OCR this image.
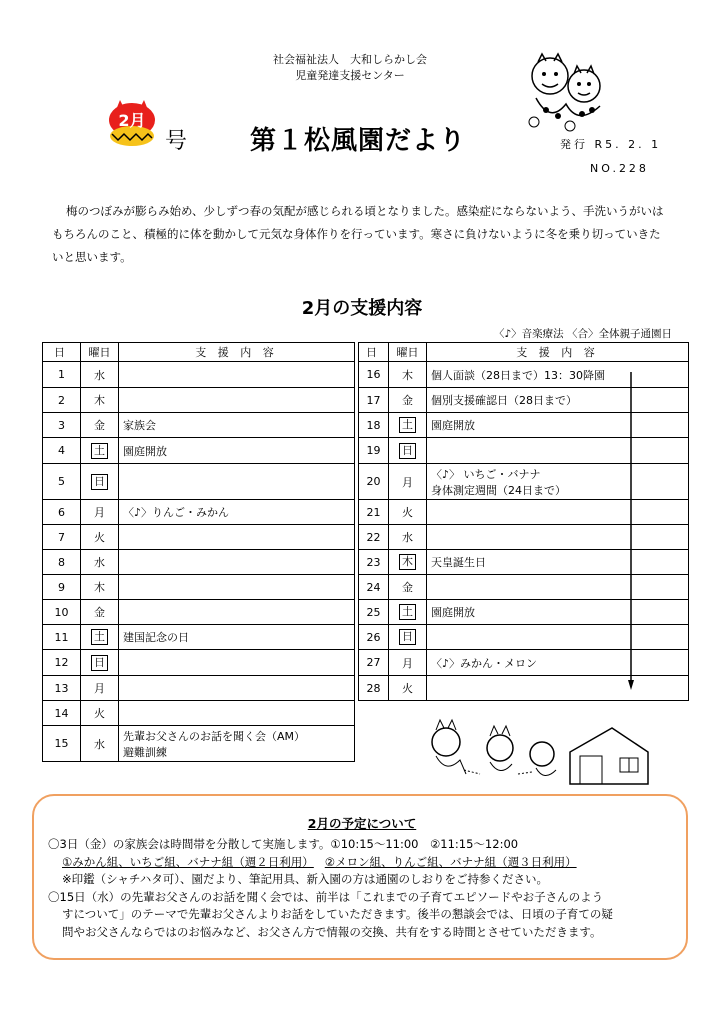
社会福祉法人　大和しらかし会
児童発達支援センター
2月
号 第１松風園だより	発行 R5. 2. 1
NO.228
梅のつぼみが膨らみ始め、少しずつ春の気配が感じられる頃となりました。感染症にならないよう、手洗いうがいはもちろんのこと、積極的に体を動かして元気な身体作りを行っています。寒さに負けないように冬を乗り切っていきたいと思います。
2月の支援内容
〈♪〉音楽療法 〈合〉全体親子通園日
日	曜日	支 援 内 容
1	水	

2	木	

3	金	家族会

4	土	園庭開放

5	日	

6	月	〈♪〉りんご・みかん

7	火	

8	水	

9	木	

10	金	

11	土	建国記念の日

12	日	

13	月	

14	火	

15	水	先輩お父さんのお話を聞く会（AM）
避難訓練
日	曜日	支 援 内 容
16	木	個人面談（28日まで）13：30降園

17	金	個別支援確認日（28日まで）

18	土	園庭開放

19	日	

20	月	〈♪〉 いちご・バナナ
身体測定週間（24日まで）

21	火	

22	水	

23	木	天皇誕生日

24	金	

25	土	園庭開放

26	日	

27	月	〈♪〉みかん・メロン

28	火	
2月の予定について
〇3日（金）の家族会は時間帯を分散して実施します。①10:15～11:00　②11:15～12:00
①みかん組、いちご組、バナナ組（週２日利用） ②メロン組、りんご組、バナナ組（週３日利用）
※印鑑（シャチハタ可）、園だより、筆記用具、新入園の方は通園のしおりをご持参ください。
〇15日（水）の先輩お父さんのお話を聞く会では、前半は「これまでの子育てエピソードやお子さんのよう
すについて」のテーマで先輩お父さんよりお話をしていただきます。後半の懇談会では、日頃の子育ての疑
問やお父さんならではのお悩みなど、お父さん方で情報の交換、共有をする時間とさせていただきます。
